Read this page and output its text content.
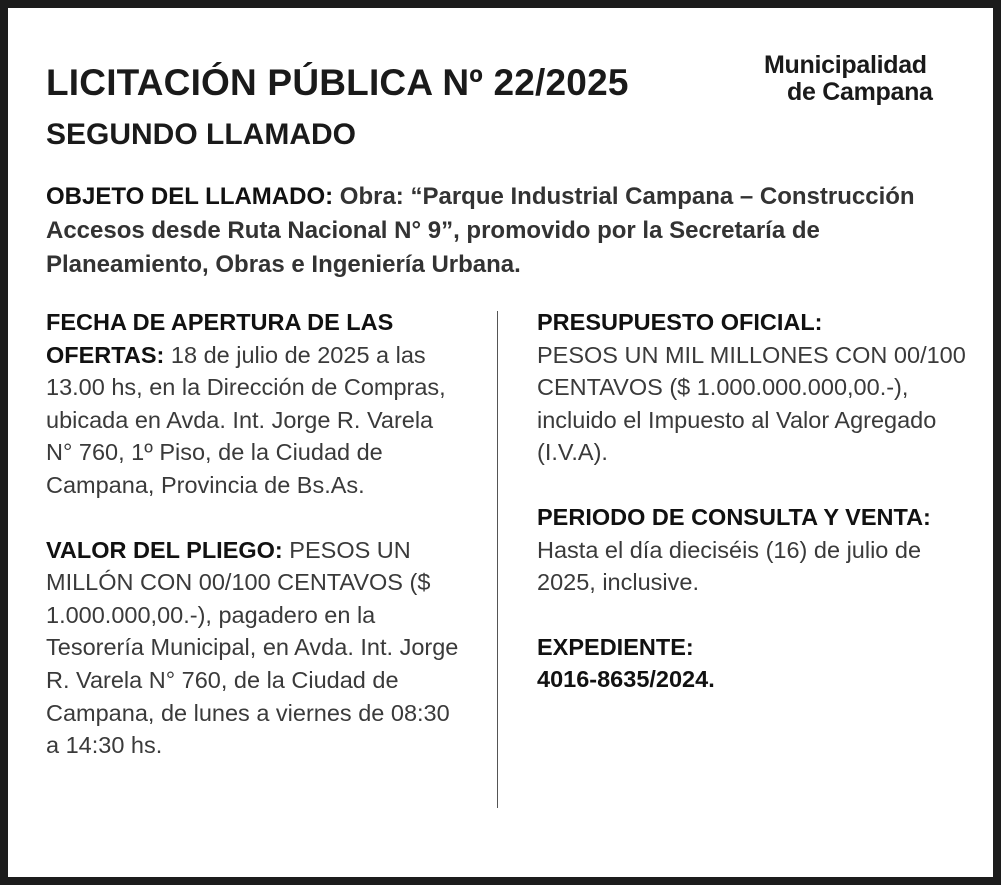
LICITACIÓN PÚBLICA Nº 22/2025
SEGUNDO LLAMADO
Municipalidad
de Campana

OBJETO DEL LLAMADO: Obra: “Parque Industrial Campana – Construcción Accesos desde Ruta Nacional N° 9”, promovido por la Secretaría de Planeamiento, Obras e Ingeniería Urbana.

FECHA DE APERTURA DE LAS OFERTAS: 18 de julio de 2025 a las 13.00 hs, en la Dirección de Compras, ubicada en Avda. Int. Jorge R. Varela N° 760, 1º Piso, de la Ciudad de Campana, Provincia de Bs.As.

VALOR DEL PLIEGO: PESOS UN MILLÓN CON 00/100 CENTAVOS ($ 1.000.000,00.-), pagadero en la Tesorería Municipal, en Avda. Int. Jorge R. Varela N° 760, de la Ciudad de Campana, de lunes a viernes de 08:30 a 14:30 hs.

PRESUPUESTO OFICIAL:
PESOS UN MIL MILLONES CON 00/100 CENTAVOS ($ 1.000.000.000,00.-), incluido el Impuesto al Valor Agregado (I.V.A).

PERIODO DE CONSULTA Y VENTA: Hasta el día dieciséis (16) de julio de 2025, inclusive.

EXPEDIENTE:
4016-8635/2024.
